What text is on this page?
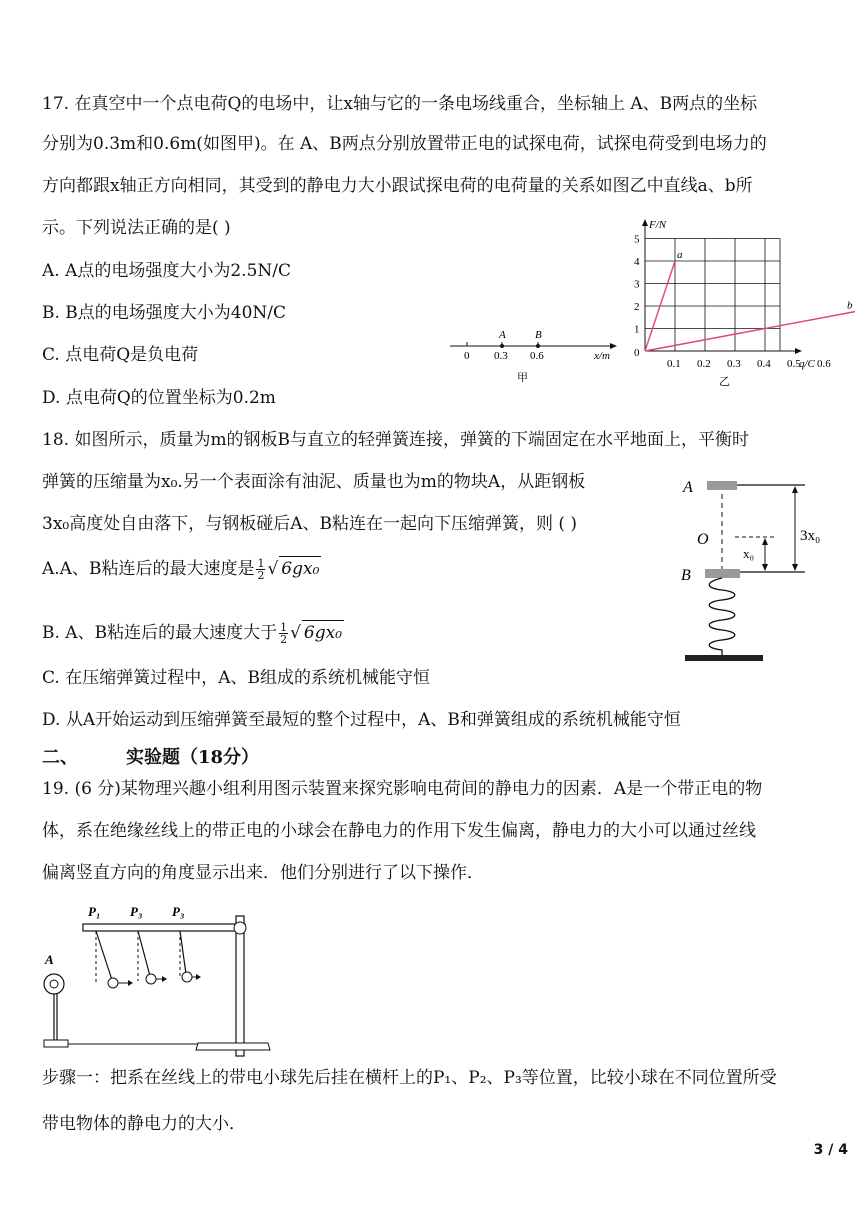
17. 在真空中一个点电荷Q的电场中，让x轴与它的一条电场线重合，坐标轴上 A、B两点的坐标
分别为0.3m和0.6m(如图甲)。在 A、B两点分别放置带正电的试探电荷，试探电荷受到电场力的
方向都跟x轴正方向相同，其受到的静电力大小跟试探电荷的电荷量的关系如图乙中直线a、b所
示。下列说法正确的是( )
A. A点的电场强度大小为2.5N/C
B. B点的电场强度大小为40N/C
C. 点电荷Q是负电荷
D. 点电荷Q的位置坐标为0.2m
A	B
0 0.3 0.6	x/m
甲
a
b
F/N
q/C
0
1
2
3
4
5
0.1 0.2 0.3 0.4 0.5 0.6
乙
18. 如图所示，质量为m的钢板B与直立的轻弹簧连接，弹簧的下端固定在水平地面上，平衡时
弹簧的压缩量为x₀.另一个表面涂有油泥、质量也为m的物块A，从距钢板
3x₀高度处自由落下，与钢板碰后A、B粘连在一起向下压缩弹簧，则 ( )
A.A、B粘连后的最大速度是 $\frac{1}{2}$ √ 6gx₀
B. A、B粘连后的最大速度大于 $\frac{1}{2}$ √ 6gx₀
C. 在压缩弹簧过程中，A、B组成的系统机械能守恒
D. 从A开始运动到压缩弹簧至最短的整个过程中，A、B和弹簧组成的系统机械能守恒
A
O
B
3x₀
x₀
二、	实验题（18分）
19. (6 分)某物理兴趣小组利用图示装置来探究影响电荷间的静电力的因素．A是一个带正电的物
体，系在绝缘丝线上的带正电的小球会在静电力的作用下发生偏离，静电力的大小可以通过丝线
偏离竖直方向的角度显示出来．他们分别进行了以下操作．
P₁ P₃ P₃
A
步骤一：把系在丝线上的带电小球先后挂在横杆上的P₁、P₂、P₃等位置，比较小球在不同位置所受
带电物体的静电力的大小．
3 / 4
